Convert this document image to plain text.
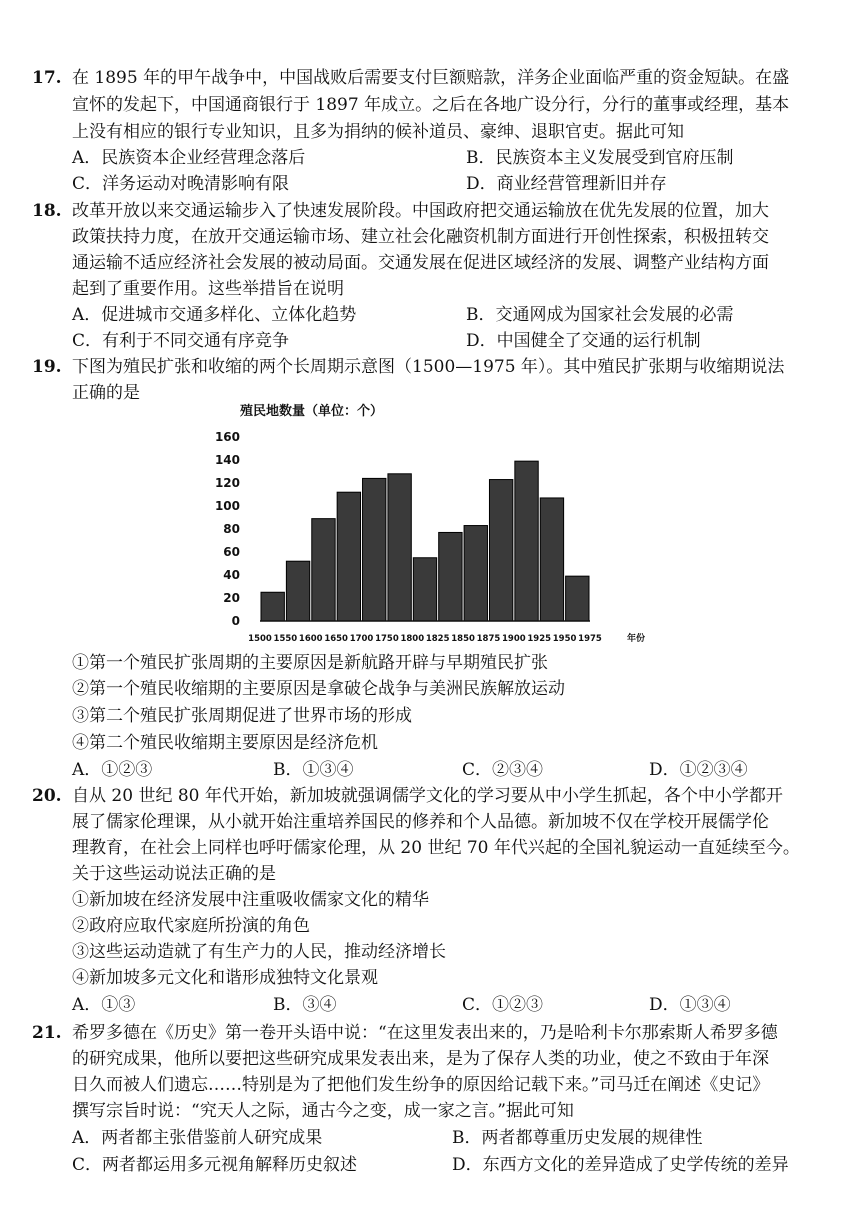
17. 在 1895 年的甲午战争中，中国战败后需要支付巨额赔款，洋务企业面临严重的资金短缺。在盛
宣怀的发起下，中国通商银行于 1897 年成立。之后在各地广设分行，分行的董事或经理，基本
上没有相应的银行专业知识，且多为捐纳的候补道员、豪绅、退职官吏。据此可知
A．民族资本企业经营理念落后	B．民族资本主义发展受到官府压制
C．洋务运动对晚清影响有限	D．商业经营管理新旧并存
18. 改革开放以来交通运输步入了快速发展阶段。中国政府把交通运输放在优先发展的位置，加大
政策扶持力度，在放开交通运输市场、建立社会化融资机制方面进行开创性探索，积极扭转交
通运输不适应经济社会发展的被动局面。交通发展在促进区域经济的发展、调整产业结构方面
起到了重要作用。这些举措旨在说明
A．促进城市交通多样化、立体化趋势	B．交通网成为国家社会发展的必需
C．有利于不同交通有序竞争	D．中国健全了交通的运行机制
19. 下图为殖民扩张和收缩的两个长周期示意图（1500—1975 年）。其中殖民扩张期与收缩期说法
正确的是
殖民地数量（单位：个）
0
20
40
60
80
100
120
140
160
1500 1550 1600 1650 1700 1750 1800 1825 1850 1875 1900 1925 1950 1975	年份
①第一个殖民扩张周期的主要原因是新航路开辟与早期殖民扩张
②第一个殖民收缩期的主要原因是拿破仑战争与美洲民族解放运动
③第二个殖民扩张周期促进了世界市场的形成
④第二个殖民收缩期主要原因是经济危机
A．①②③	B．①③④	C．②③④	D．①②③④
20. 自从 20 世纪 80 年代开始，新加坡就强调儒学文化的学习要从中小学生抓起，各个中小学都开
展了儒家伦理课，从小就开始注重培养国民的修养和个人品德。新加坡不仅在学校开展儒学伦
理教育，在社会上同样也呼吁儒家伦理，从 20 世纪 70 年代兴起的全国礼貌运动一直延续至今。
关于这些运动说法正确的是
①新加坡在经济发展中注重吸收儒家文化的精华
②政府应取代家庭所扮演的角色
③这些运动造就了有生产力的人民，推动经济增长
④新加坡多元文化和谐形成独特文化景观
A．①③	B．③④	C．①②③	D．①③④
21. 希罗多德在《历史》第一卷开头语中说：“在这里发表出来的，乃是哈利卡尔那索斯人希罗多德
的研究成果，他所以要把这些研究成果发表出来，是为了保存人类的功业，使之不致由于年深
日久而被人们遗忘……特别是为了把他们发生纷争的原因给记载下来。”司马迁在阐述《史记》
撰写宗旨时说：“究天人之际，通古今之变，成一家之言。”据此可知
A．两者都主张借鉴前人研究成果	B．两者都尊重历史发展的规律性
C．两者都运用多元视角解释历史叙述	D．东西方文化的差异造成了史学传统的差异
